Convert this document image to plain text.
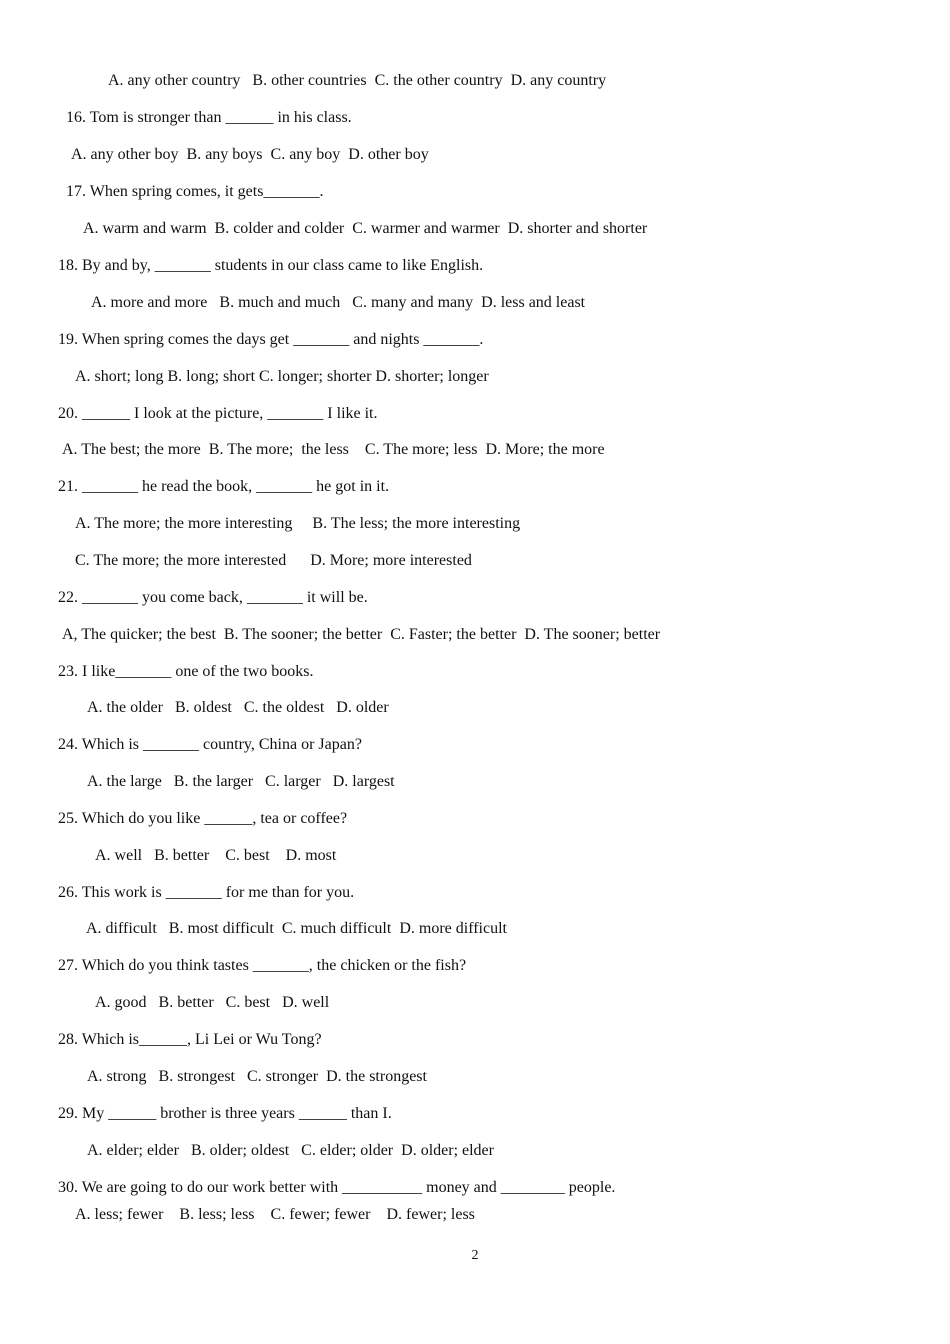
A. any other country   B. other countries  C. the other country  D. any country
16. Tom is stronger than ______ in his class.
A. any other boy  B. any boys  C. any boy  D. other boy
17. When spring comes, it gets_______.
A. warm and warm  B. colder and colder  C. warmer and warmer  D. shorter and shorter
18. By and by, _______ students in our class came to like English.
A. more and more   B. much and much   C. many and many  D. less and least
19. When spring comes the days get _______ and nights _______.
A. short; long B. long; short C. longer; shorter D. shorter; longer
20. ______ I look at the picture, _______ I like it.
A. The best; the more  B. The more;  the less    C. The more; less  D. More; the more
21. _______ he read the book, _______ he got in it.
A. The more; the more interesting     B. The less; the more interesting
C. The more; the more interested      D. More; more interested
22. _______ you come back, _______ it will be.
A, The quicker; the best  B. The sooner; the better  C. Faster; the better  D. The sooner; better
23. I like_______ one of the two books.
A. the older   B. oldest   C. the oldest   D. older
24. Which is _______ country, China or Japan?
A. the large   B. the larger   C. larger   D. largest
25. Which do you like ______, tea or coffee?
A. well   B. better    C. best    D. most
26. This work is _______ for me than for you.
A. difficult   B. most difficult  C. much difficult  D. more difficult
27. Which do you think tastes _______, the chicken or the fish?
A. good   B. better   C. best   D. well
28. Which is______, Li Lei or Wu Tong?
A. strong   B. strongest   C. stronger  D. the strongest
29. My ______ brother is three years ______ than I.
A. elder; elder   B. older; oldest   C. elder; older  D. older; elder
30. We are going to do our work better with __________ money and ________ people.
A. less; fewer    B. less; less    C. fewer; fewer    D. fewer; less
2
